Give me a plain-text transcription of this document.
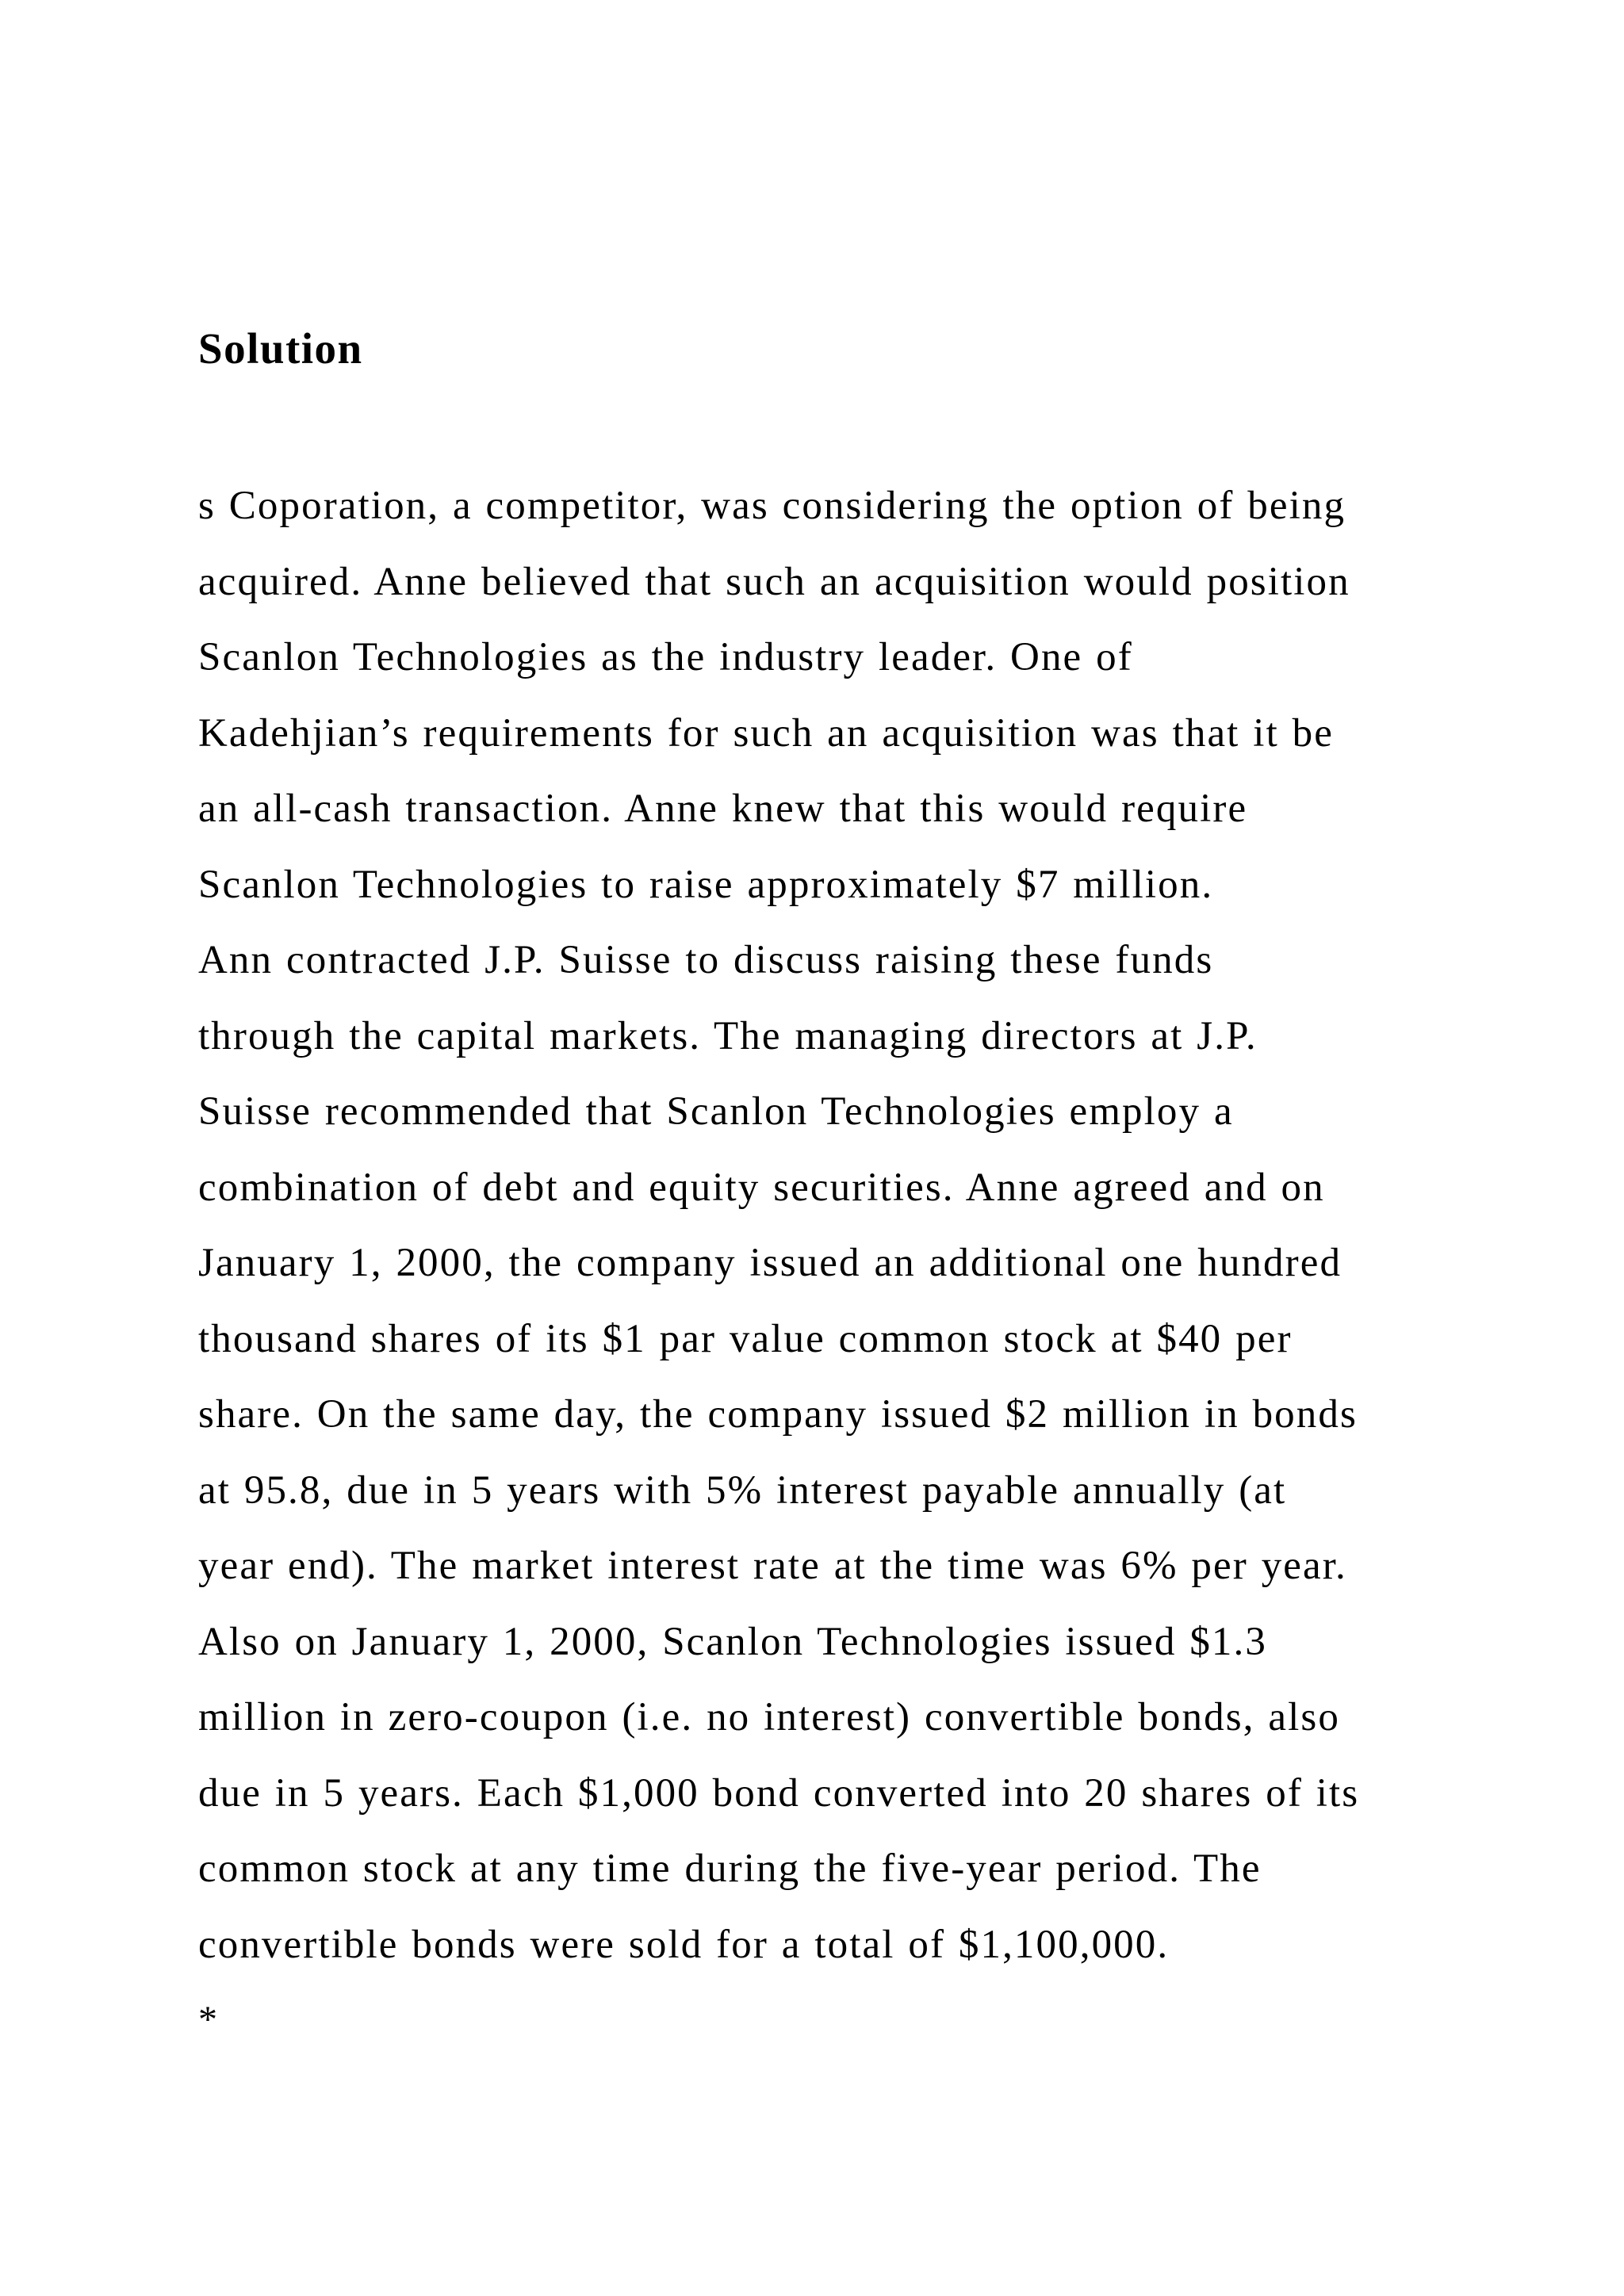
Solution

s Coporation, a competitor, was considering the option of being

acquired. Anne believed that such an acquisition would position

Scanlon Technologies as the industry leader. One of

Kadehjian’s requirements for such an acquisition was that it be

an all-cash transaction. Anne knew that this would require

Scanlon Technologies to raise approximately $7 million.

Ann contracted J.P. Suisse to discuss raising these funds

through the capital markets. The managing directors at J.P.

Suisse recommended that Scanlon Technologies employ a

combination of debt and equity securities. Anne agreed and on

January 1, 2000, the company issued an additional one hundred

thousand shares of its $1 par value common stock at $40 per

share. On the same day, the company issued $2 million in bonds

at 95.8, due in 5 years with 5% interest payable annually (at

year end). The market interest rate at the time was 6% per year.

Also on January 1, 2000, Scanlon Technologies issued $1.3

million in zero-coupon (i.e. no interest) convertible bonds, also

due in 5 years. Each $1,000 bond converted into 20 shares of its

common stock at any time during the five-year period. The

convertible bonds were sold for a total of $1,100,000.

*
